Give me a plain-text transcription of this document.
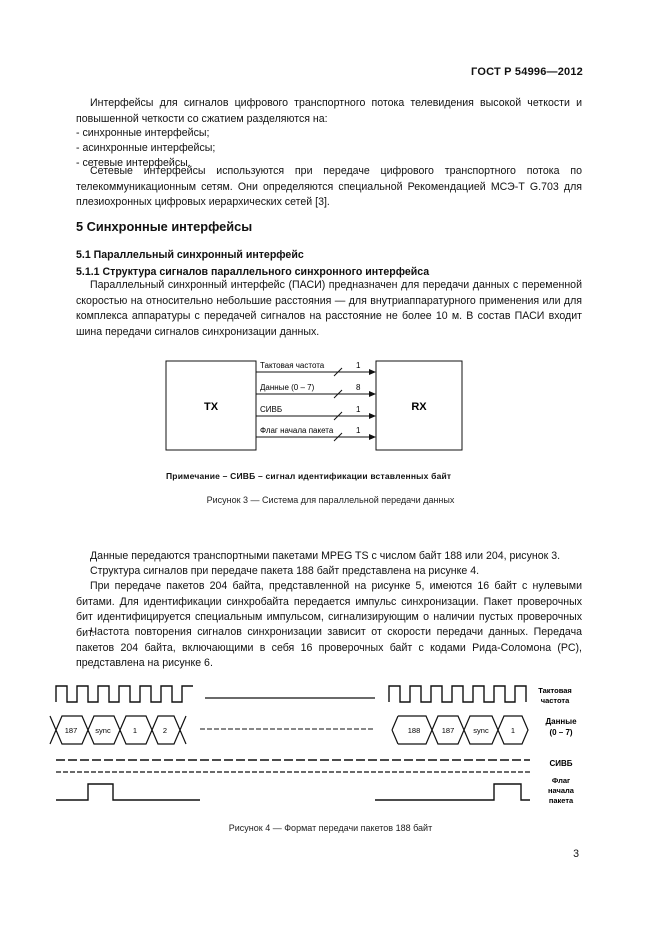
ГОСТ Р 54996—2012
Интерфейсы для сигналов цифрового транспортного потока телевидения высокой четкости и повышенной четкости со сжатием разделяются на:
- синхронные интерфейсы;
- асинхронные интерфейсы;
- сетевые интерфейсы.
Сетевые интерфейсы используются при передаче цифрового транспортного потока по телекоммуникационным сетям. Они определяются специальной Рекомендацией МСЭ-Т G.703 для плезиохронных цифровых иерархических сетей [3].
5 Синхронные интерфейсы
5.1 Параллельный синхронный интерфейс
5.1.1 Структура сигналов параллельного синхронного интерфейса
Параллельный синхронный интерфейс (ПАСИ) предназначен для передачи данных с переменной скоростью на относительно небольшие расстояния — для внутриаппаратурного применения или для комплекса аппаратуры с передачей сигналов на расстояние не более 10 м. В состав ПАСИ входит шина передачи сигналов синхронизации данных.
TX	RX
Тактовая частота	1
Данные (0 – 7)	8
СИВБ	1
Флаг начала пакета	1
Примечание – СИВБ – сигнал идентификации вставленных байт
Рисунок 3 — Система для параллельной передачи данных
Данные передаются транспортными пакетами MPEG TS с числом байт 188 или 204, рисунок 3.
Структура сигналов при передаче пакета 188 байт представлена на рисунке 4.
При передаче пакетов 204 байта, представленной на рисунке 5, имеются 16 байт с нулевыми битами. Для идентификации синхробайта передается импульс синхронизации. Пакет проверочных бит идентифицируется специальным импульсом, сигнализирующим о наличии пустых проверочных бит.
Частота повторения сигналов синхронизации зависит от скорости передачи данных. Передача пакетов 204 байта, включающими в себя 16 проверочных байт с кодами Рида-Соломона (РС), представлена на рисунке 6.
187 sync	1	2	188	187	sync	1
Тактовая
частота
Данные
(0 – 7)
СИВБ
Флаг
начала
пакета
Рисунок 4 — Формат передачи пакетов 188 байт
3
